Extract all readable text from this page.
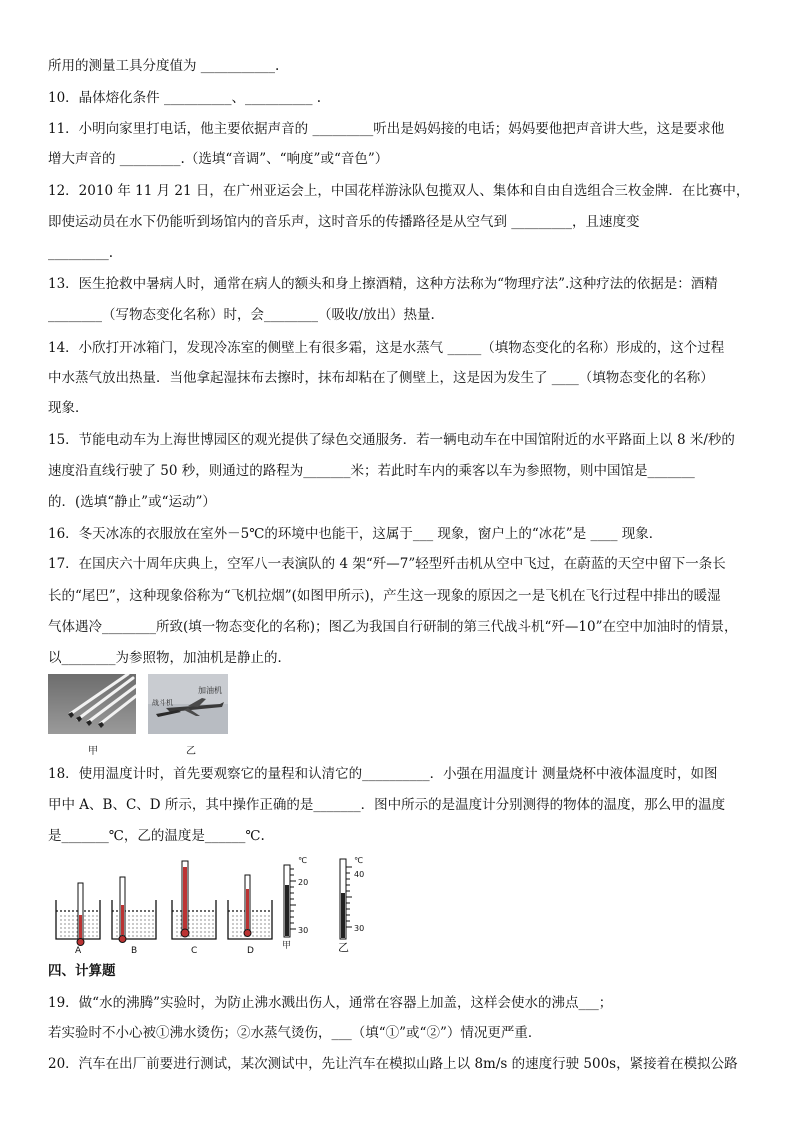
所用的测量工具分度值为 ___________.
10．晶体熔化条件 __________、__________ .
11．小明向家里打电话，他主要依据声音的 _________听出是妈妈接的电话；妈妈要他把声音讲大些，这是要求他
增大声音的 _________.（选填“音调”、“响度”或“音色”）
12．2010 年 11 月 21 日，在广州亚运会上，中国花样游泳队包揽双人、集体和自由自选组合三枚金牌．在比赛中，
即使运动员在水下仍能听到场馆内的音乐声，这时音乐的传播路径是从空气到 _________，且速度变
_________.
13．医生抢救中暑病人时，通常在病人的额头和身上擦酒精，这种方法称为“物理疗法”.这种疗法的依据是：酒精
________（写物态变化名称）时，会________（吸收/放出）热量.
14．小欣打开冰箱门，发现冷冻室的侧壁上有很多霜，这是水蒸气 _____（填物态变化的名称）形成的，这个过程
中水蒸气放出热量．当他拿起湿抹布去擦时，抹布却粘在了侧壁上，这是因为发生了 ____（填物态变化的名称）
现象．
15．节能电动车为上海世博园区的观光提供了绿色交通服务．若一辆电动车在中国馆附近的水平路面上以 8 米/秒的
速度沿直线行驶了 50 秒，则通过的路程为_______米；若此时车内的乘客以车为参照物，则中国馆是_______
的．(选填“静止”或“运动”）
16．冬天冰冻的衣服放在室外－5℃的环境中也能干，这属于___ 现象，窗户上的“冰花”是 ____ 现象．
17．在国庆六十周年庆典上，空军八一表演队的 4 架“歼—7”轻型歼击机从空中飞过，在蔚蓝的天空中留下一条长
长的“尾巴”，这种现象俗称为“飞机拉烟”(如图甲所示)，产生这一现象的原因之一是飞机在飞行过程中排出的暖湿
气体遇冷________所致(填一物态变化的名称)；图乙为我国自行研制的第三代战斗机“歼—10”在空中加油时的情景，
以________为参照物，加油机是静止的．
加油机
战斗机
甲	乙
18．使用温度计时，首先要观察它的量程和认清它的__________．小强在用温度计 测量烧杯中液体温度时，如图
甲中 A、B、C、D 所示，其中操作正确的是_______．图中所示的是温度计分别测得的物体的温度，那么甲的温度
是_______℃，乙的温度是______℃.
A	B	C	D
℃
20
30
甲
℃
40
30
乙
四、计算题
19．做“水的沸腾”实验时，为防止沸水溅出伤人，通常在容器上加盖，这样会使水的沸点___；
若实验时不小心被①沸水烫伤；②水蒸气烫伤，___（填“①”或“②”）情况更严重．
20．汽车在出厂前要进行测试，某次测试中，先让汽车在模拟山路上以 8m/s 的速度行驶 500s，紧接着在模拟公路
